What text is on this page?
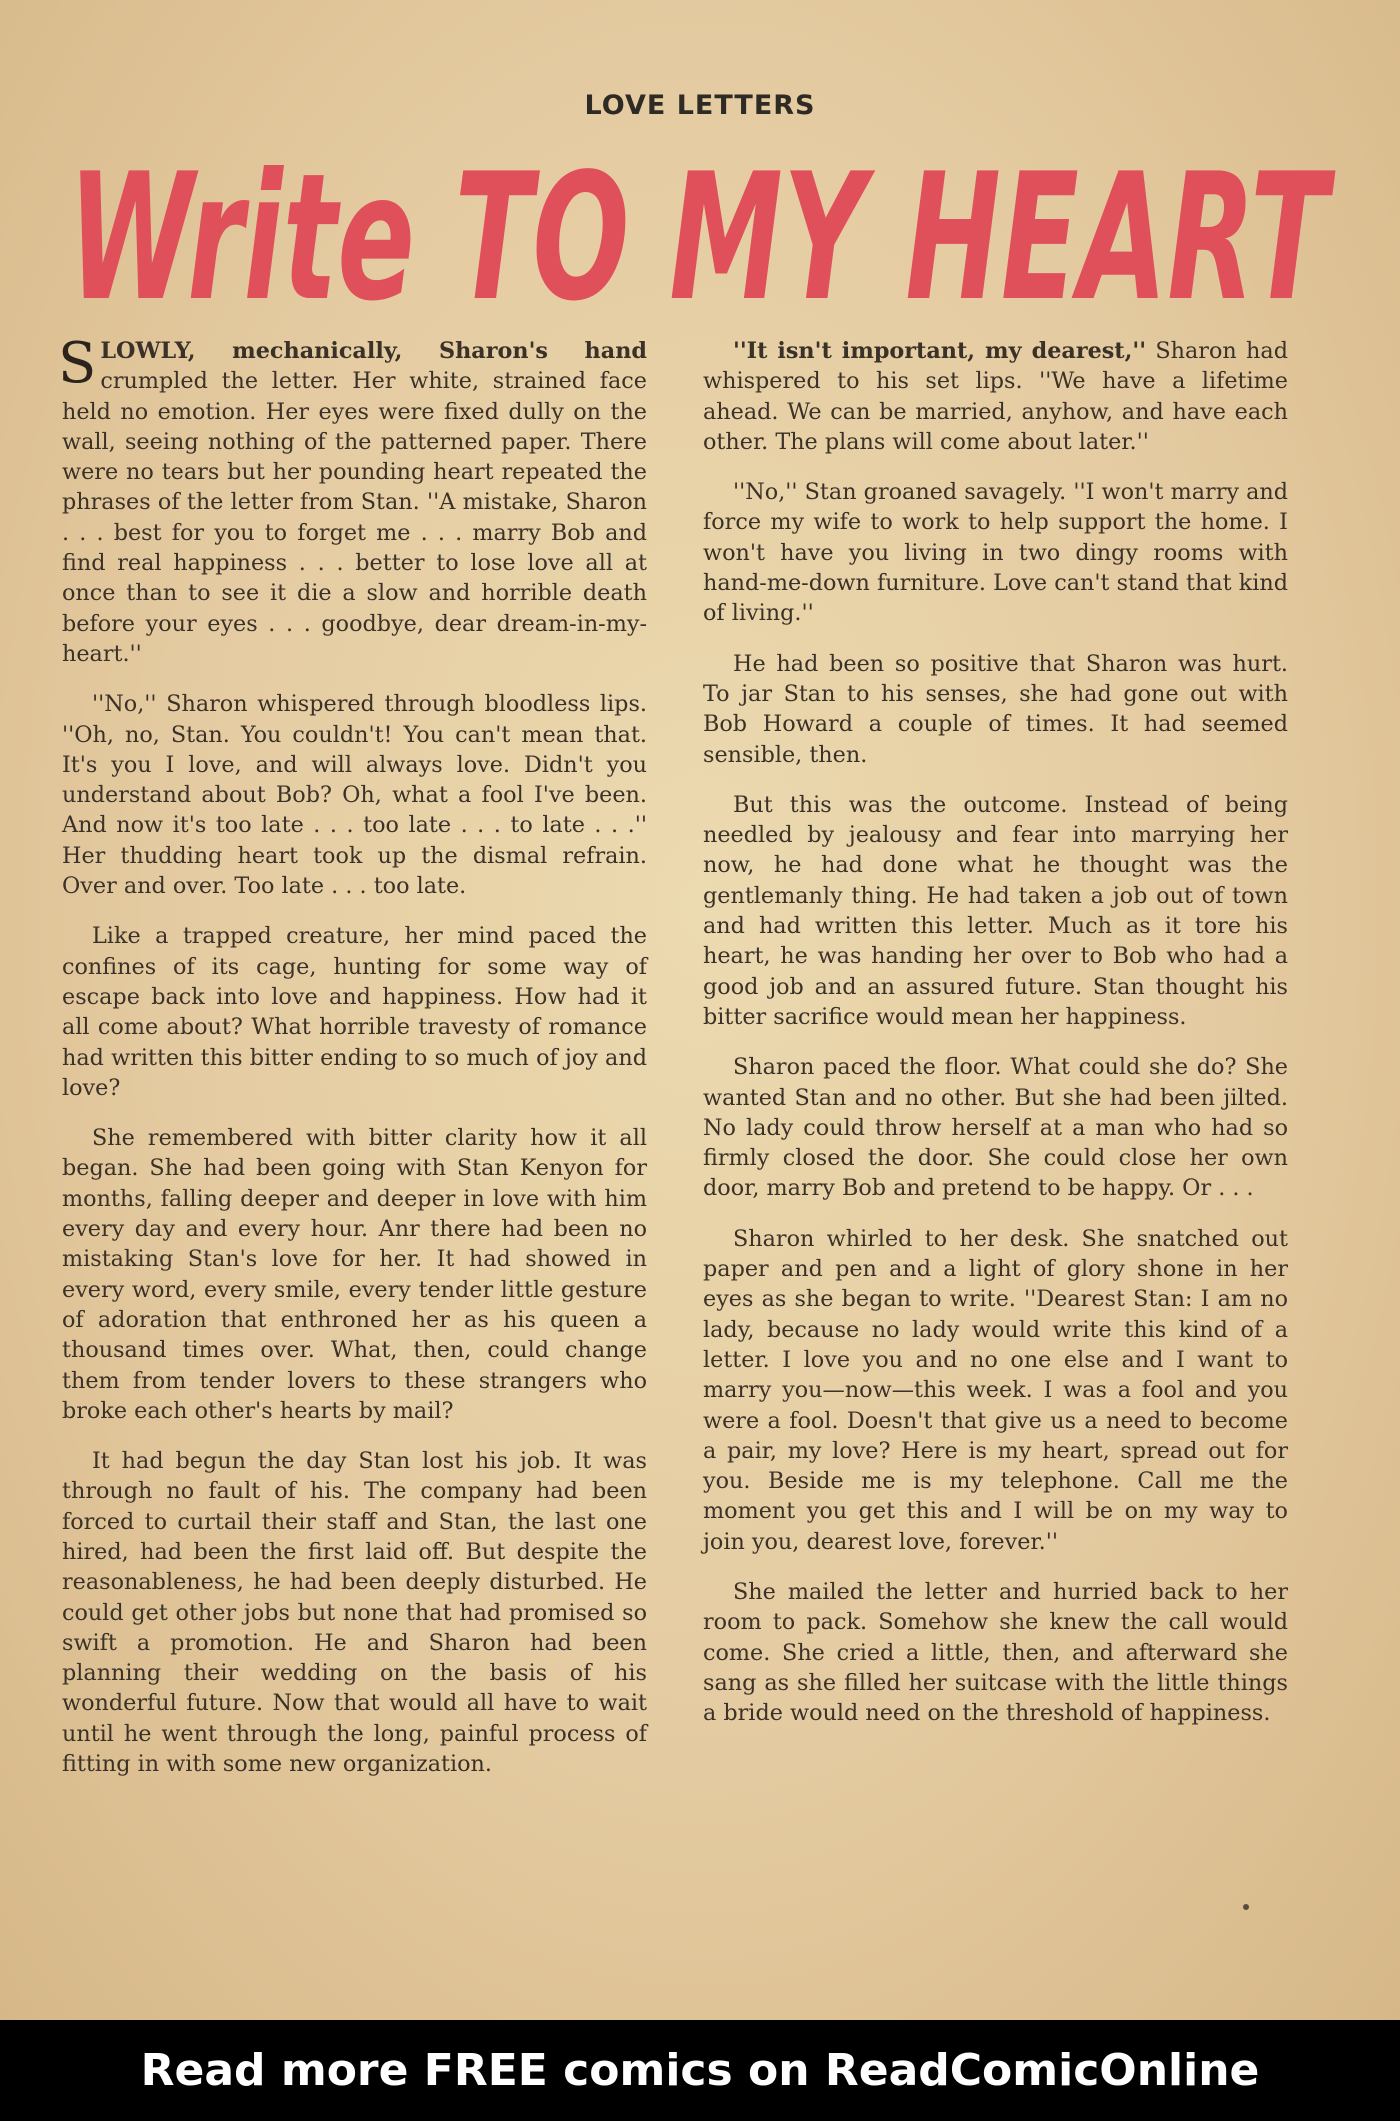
LOVE LETTERS
Write TO MY HEART

SLOWLY, mechanically, Sharon's hand crumpled the letter. Her white, strained face held no emotion. Her eyes were fixed dully on the wall, seeing nothing of the patterned paper. There were no tears but her pounding heart repeated the phrases of the letter from Stan. ''A mistake, Sharon . . . best for you to forget me . . . marry Bob and find real happiness . . . better to lose love all at once than to see it die a slow and horrible death before your eyes . . . goodbye, dear dream-in-my-heart.''

''No,'' Sharon whispered through bloodless lips. ''Oh, no, Stan. You couldn't! You can't mean that. It's you I love, and will always love. Didn't you understand about Bob? Oh, what a fool I've been. And now it's too late . . . too late . . . to late . . .'' Her thudding heart took up the dismal refrain. Over and over. Too late . . . too late.

Like a trapped creature, her mind paced the confines of its cage, hunting for some way of escape back into love and happiness. How had it all come about? What horrible travesty of romance had written this bitter ending to so much of joy and love?

She remembered with bitter clarity how it all began. She had been going with Stan Kenyon for months, falling deeper and deeper in love with him every day and every hour. Anr there had been no mistaking Stan's love for her. It had showed in every word, every smile, every tender little gesture of adoration that enthroned her as his queen a thousand times over. What, then, could change them from tender lovers to these strangers who broke each other's hearts by mail?

It had begun the day Stan lost his job. It was through no fault of his. The company had been forced to curtail their staff and Stan, the last one hired, had been the first laid off. But despite the reasonableness, he had been deeply disturbed. He could get other jobs but none that had promised so swift a promotion. He and Sharon had been planning their wedding on the basis of his wonderful future. Now that would all have to wait until he went through the long, painful process of fitting in with some new organization.

''It isn't important, my dearest,'' Sharon had whispered to his set lips. ''We have a lifetime ahead. We can be married, anyhow, and have each other. The plans will come about later.''

''No,'' Stan groaned savagely. ''I won't marry and force my wife to work to help support the home. I won't have you living in two dingy rooms with hand-me-down furniture. Love can't stand that kind of living.''

He had been so positive that Sharon was hurt. To jar Stan to his senses, she had gone out with Bob Howard a couple of times. It had seemed sensible, then.

But this was the outcome. Instead of being needled by jealousy and fear into marrying her now, he had done what he thought was the gentlemanly thing. He had taken a job out of town and had written this letter. Much as it tore his heart, he was handing her over to Bob who had a good job and an assured future. Stan thought his bitter sacrifice would mean her happiness.

Sharon paced the floor. What could she do? She wanted Stan and no other. But she had been jilted. No lady could throw herself at a man who had so firmly closed the door. She could close her own door, marry Bob and pretend to be happy. Or . . .

Sharon whirled to her desk. She snatched out paper and pen and a light of glory shone in her eyes as she began to write. ''Dearest Stan: I am no lady, because no lady would write this kind of a letter. I love you and no one else and I want to marry you—now—this week. I was a fool and you were a fool. Doesn't that give us a need to become a pair, my love? Here is my heart, spread out for you. Beside me is my telephone. Call me the moment you get this and I will be on my way to join you, dearest love, forever.''

She mailed the letter and hurried back to her room to pack. Somehow she knew the call would come. She cried a little, then, and afterward she sang as she filled her suitcase with the little things a bride would need on the threshold of happiness.

Read more FREE comics on ReadComicOnline
